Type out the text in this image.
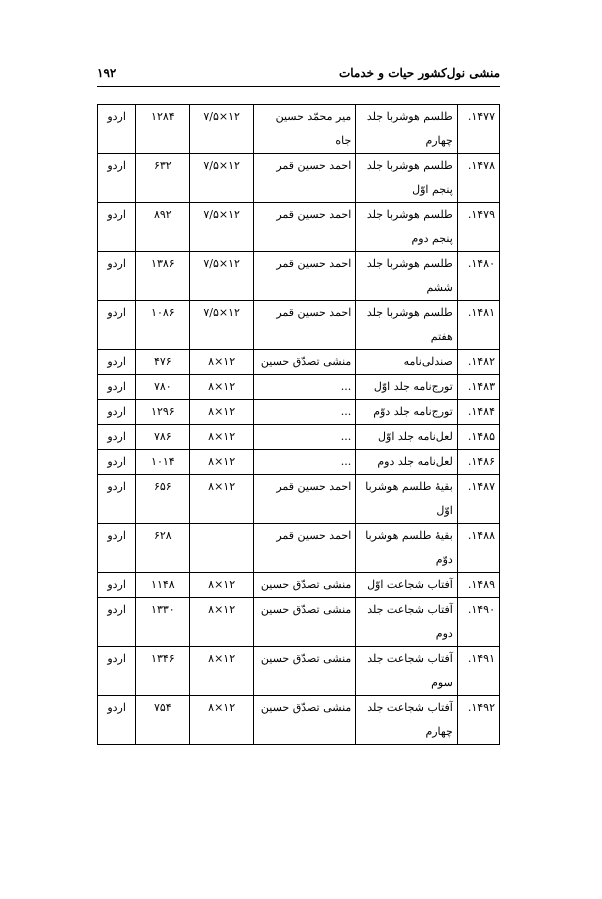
منشی نول‌کشور حیات و خدمات
۱۹۲
۱۴۷۷.	طلسم هوشربا جلد چهارم	میر محمّد حسین جاه	۱۲×۷/۵	۱۲۸۴	اردو
۱۴۷۸.	طلسم هوشربا جلد پنجم اوّل	احمد حسین قمر	۱۲×۷/۵	۶۳۲	اردو
۱۴۷۹.	طلسم هوشربا جلد پنجم دوم	احمد حسین قمر	۱۲×۷/۵	۸۹۲	اردو
۱۴۸۰.	طلسم هوشربا جلد ششم	احمد حسین قمر	۱۲×۷/۵	۱۳۸۶	اردو
۱۴۸۱.	طلسم هوشربا جلد هفتم	احمد حسین قمر	۱۲×۷/۵	۱۰۸۶	اردو
۱۴۸۲.	صندلی‌نامه	منشی تصدّق حسین	۱۲×۸	۴۷۶	اردو
۱۴۸۳.	تورج‌نامه جلد اوّل	...	۱۲×۸	۷۸۰	اردو
۱۴۸۴.	تورج‌نامه جلد دوّم	...	۱۲×۸	۱۲۹۶	اردو
۱۴۸۵.	لعل‌نامه جلد اوّل	...	۱۲×۸	۷۸۶	اردو
۱۴۸۶.	لعل‌نامه جلد دوم	...	۱۲×۸	۱۰۱۴	اردو
۱۴۸۷.	بقیهٔ طلسم هوشربا اوّل	احمد حسین قمر	۱۲×۸	۶۵۶	اردو
۱۴۸۸.	بقیهٔ طلسم هوشربا دوّم	احمد حسین قمر		۶۲۸	اردو
۱۴۸۹.	آفتاب شجاعت اوّل	منشی تصدّق حسین	۱۲×۸	۱۱۴۸	اردو
۱۴۹۰.	آفتاب شجاعت جلد دوم	منشی تصدّق حسین	۱۲×۸	۱۳۳۰	اردو
۱۴۹۱.	آفتاب شجاعت جلد سوم	منشی تصدّق حسین	۱۲×۸	۱۳۴۶	اردو
۱۴۹۲.	آفتاب شجاعت جلد چهارم	منشی تصدّق حسین	۱۲×۸	۷۵۴	اردو
